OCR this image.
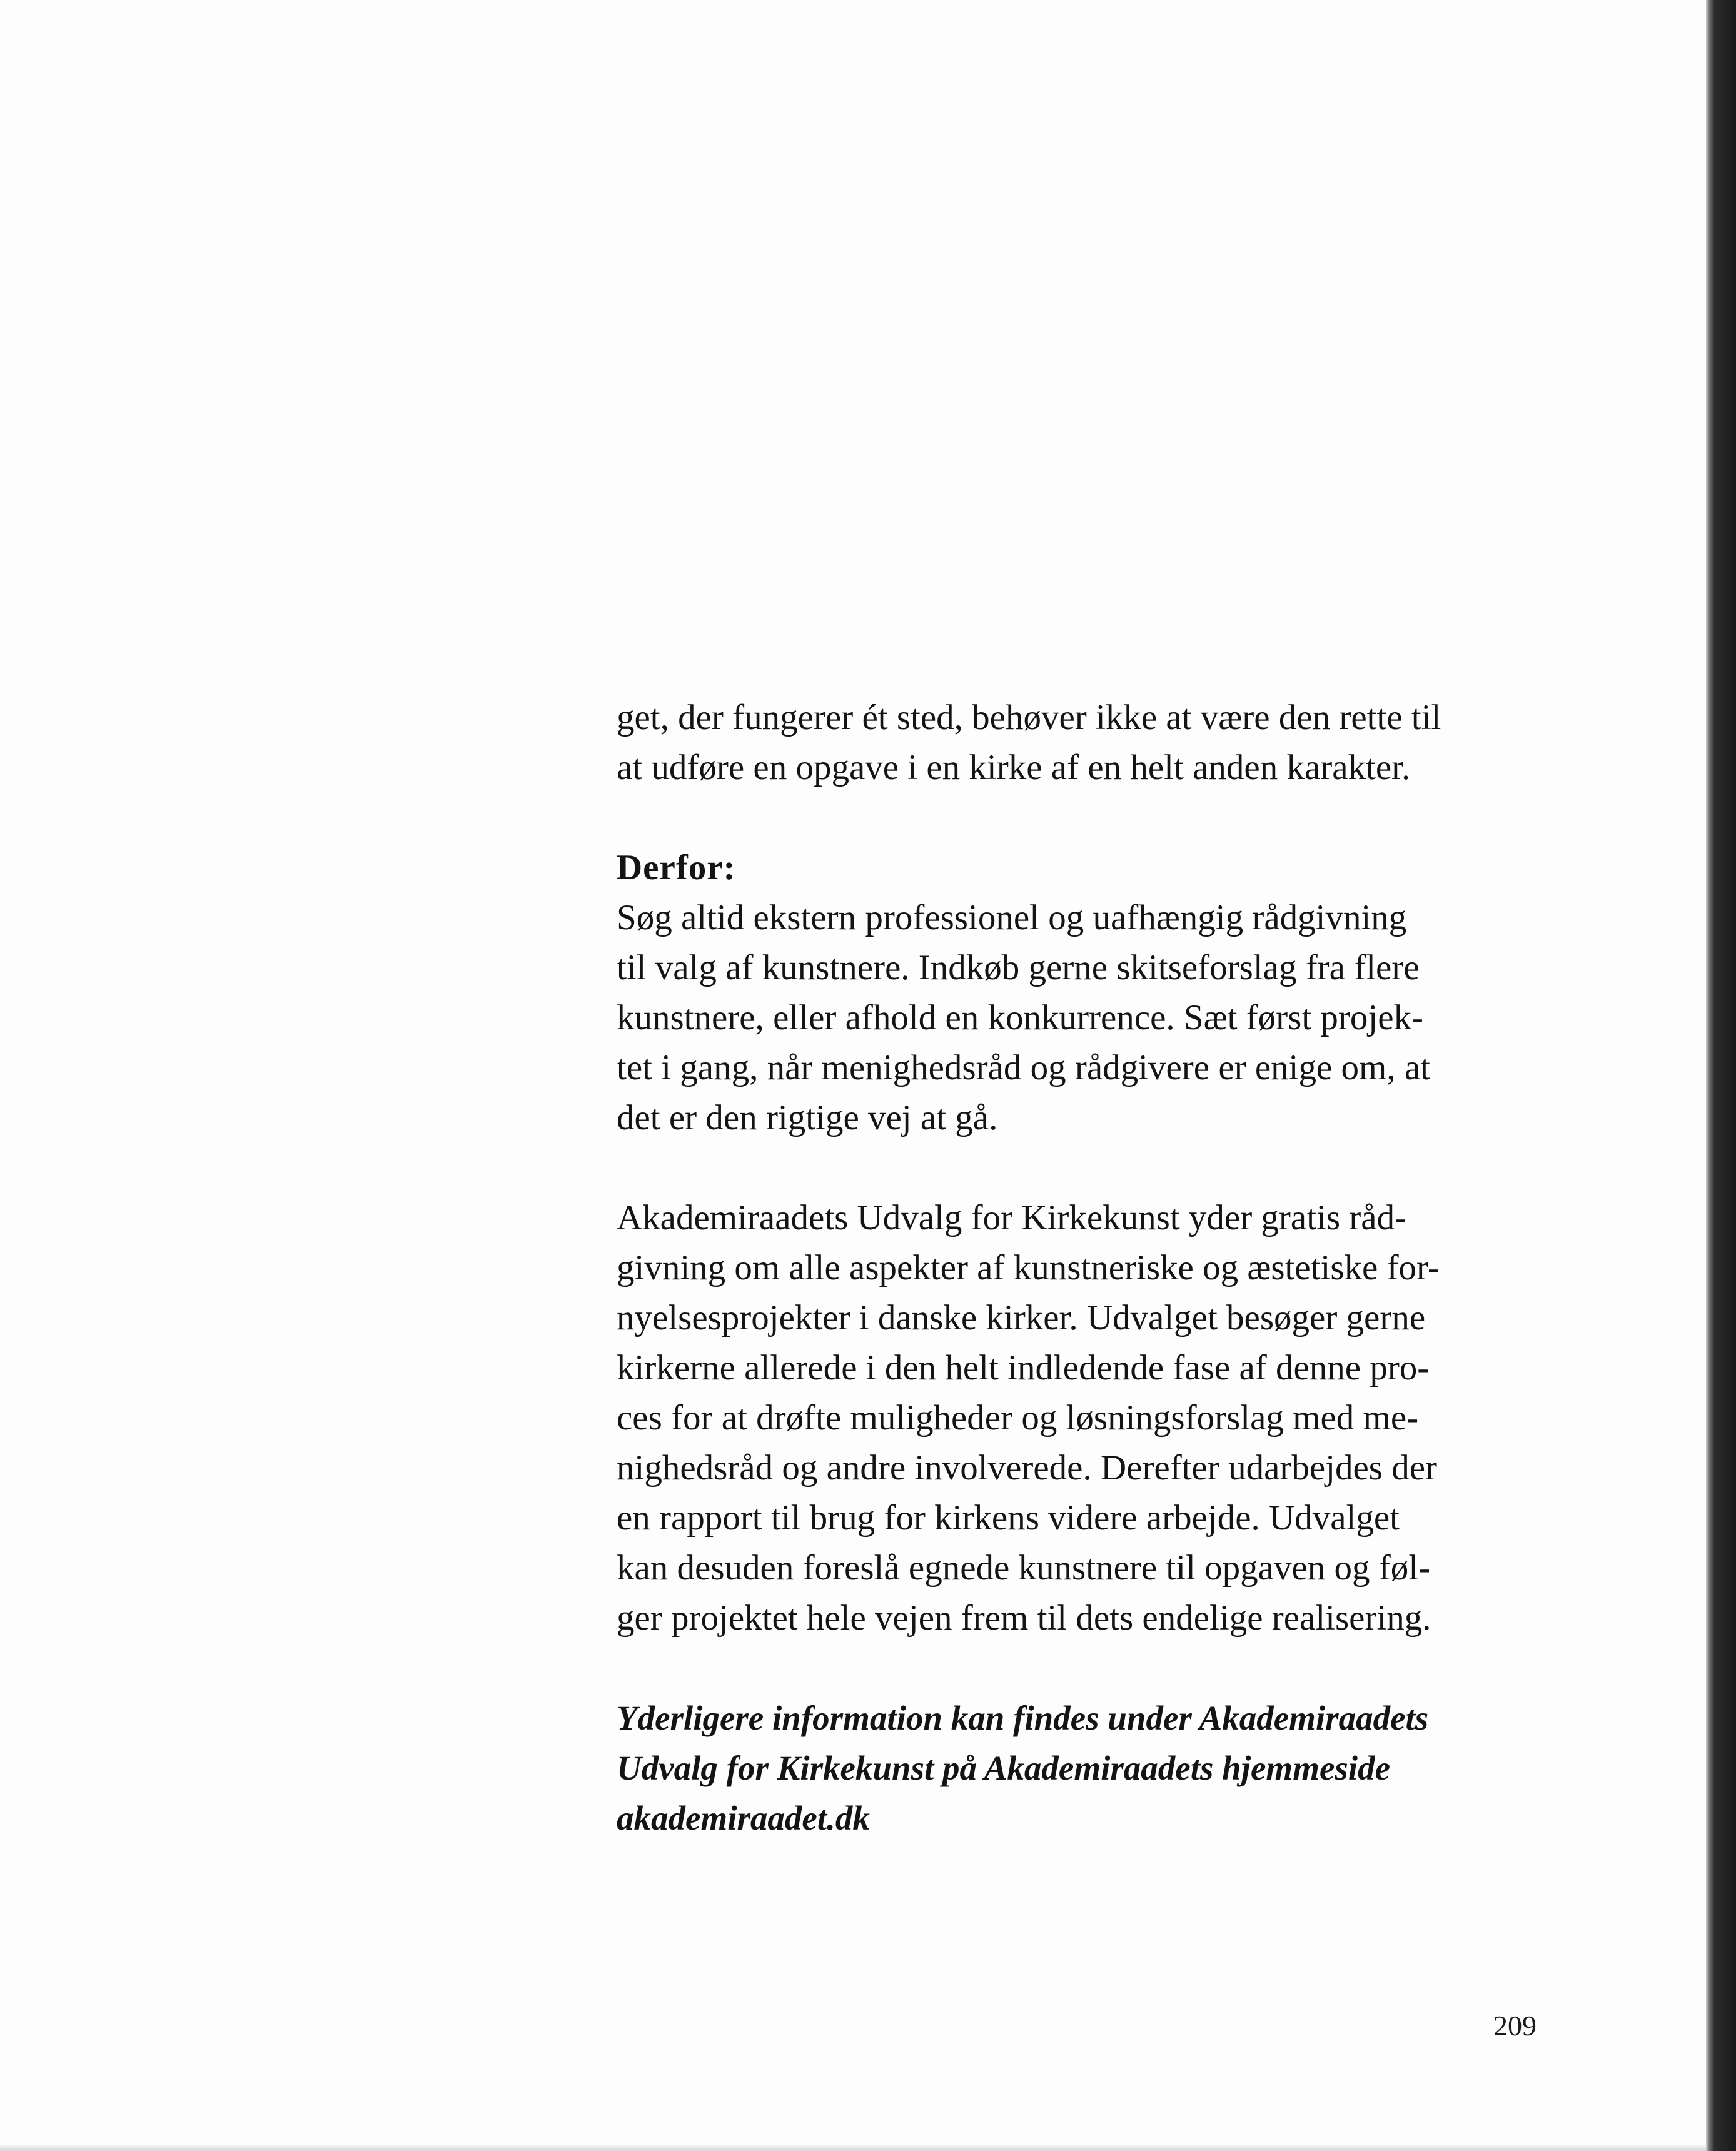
get, der fungerer ét sted, behøver ikke at være den rette til
at udføre en opgave i en kirke af en helt anden karakter.
Derfor:
Søg altid ekstern professionel og uafhængig rådgivning
til valg af kunstnere. Indkøb gerne skitseforslag fra flere
kunstnere, eller afhold en konkurrence. Sæt først projek-
tet i gang, når menighedsråd og rådgivere er enige om, at
det er den rigtige vej at gå.
Akademiraadets Udvalg for Kirkekunst yder gratis råd-
givning om alle aspekter af kunstneriske og æstetiske for-
nyelsesprojekter i danske kirker. Udvalget besøger gerne
kirkerne allerede i den helt indledende fase af denne pro-
ces for at drøfte muligheder og løsningsforslag med me-
nighedsråd og andre involverede. Derefter udarbejdes der
en rapport til brug for kirkens videre arbejde. Udvalget
kan desuden foreslå egnede kunstnere til opgaven og føl-
ger projektet hele vejen frem til dets endelige realisering.
Yderligere information kan findes under Akademiraadets
Udvalg for Kirkekunst på Akademiraadets hjemmeside
akademiraadet.dk
209
